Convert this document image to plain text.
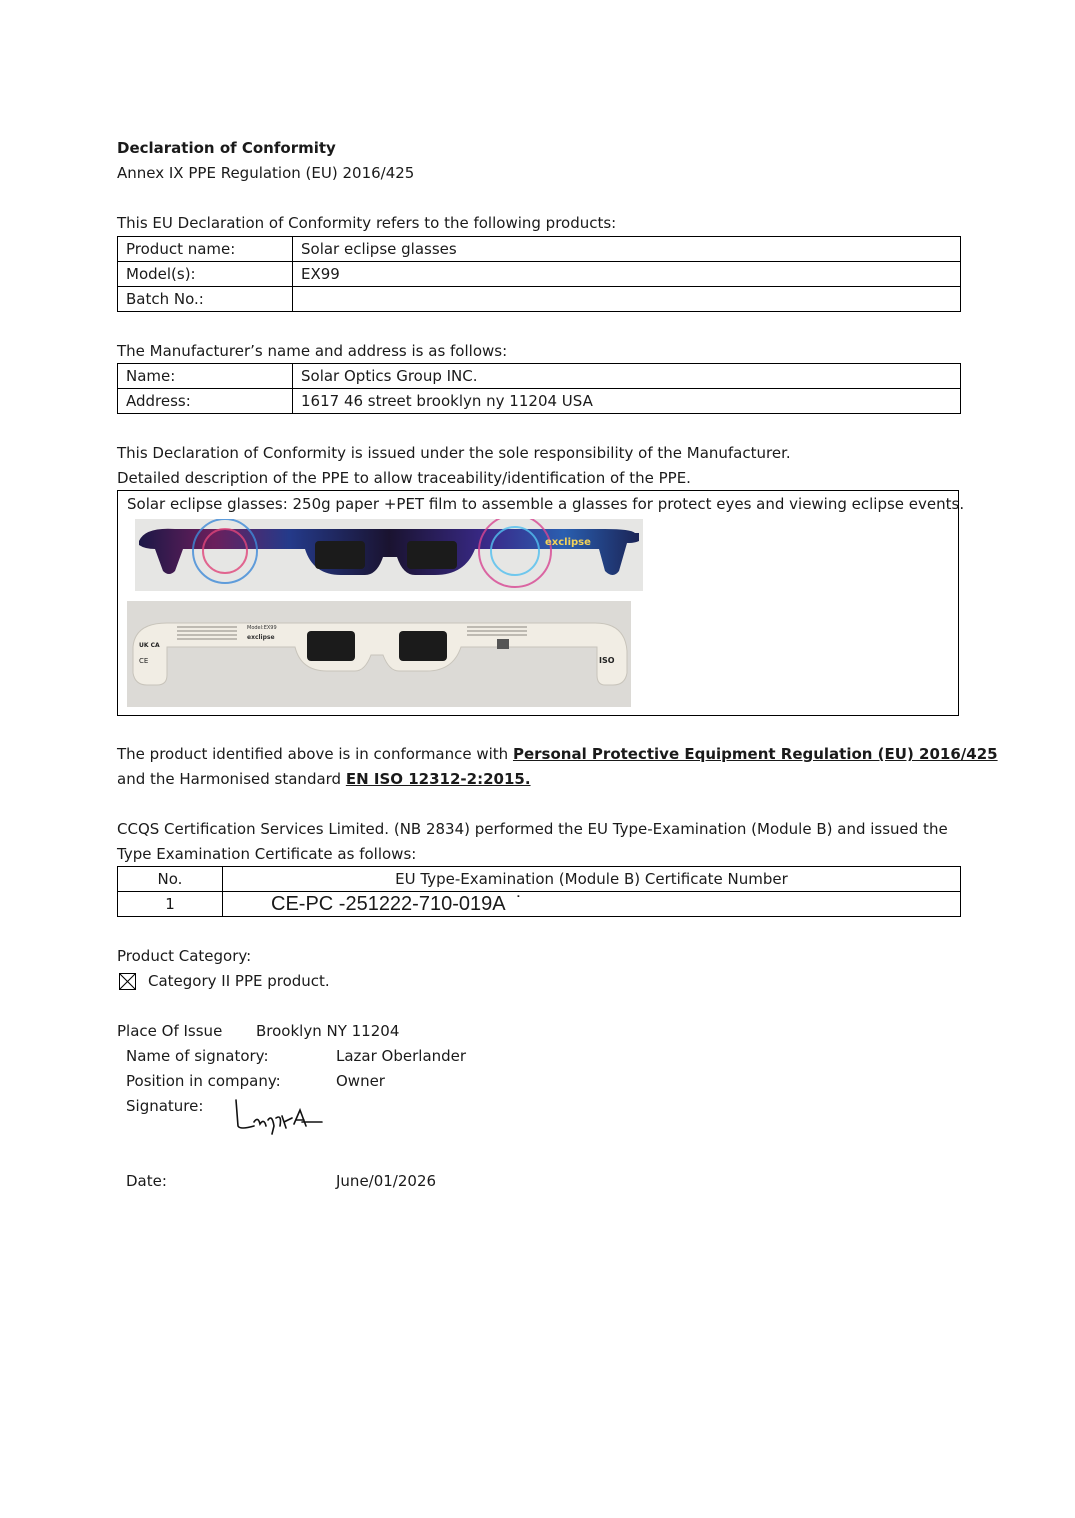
Declaration of Conformity
Annex IX PPE Regulation (EU) 2016/425
This EU Declaration of Conformity refers to the following products:
Product name:	Solar eclipse glasses
Model(s):	EX99
Batch No.:	
The Manufacturer’s name and address is as follows:
Name:	Solar Optics Group INC.
Address:	1617 46 street brooklyn ny 11204 USA
This Declaration of Conformity is issued under the sole responsibility of the Manufacturer.
Detailed description of the PPE to allow traceability/identification of the PPE.
Solar eclipse glasses: 250g paper +PET film to assemble a glasses for protect eyes and viewing eclipse events.
exclipse
Model:EX99
exclipse
UK CA
CE	ISO
The product identified above is in conformance with Personal Protective Equipment Regulation (EU) 2016/425
and the Harmonised standard EN ISO 12312-2:2015.
CCQS Certification Services Limited. (NB 2834) performed the EU Type-Examination (Module B) and issued the
Type Examination Certificate as follows:
No.	EU Type-Examination (Module B) Certificate Number
1	CE-PC -251222-710-019A ˙
Product Category:
Category II PPE product.
Place Of Issue Brooklyn NY 11204
Name of signatory:	Lazar Oberlander
Position in company:	Owner
Signature:
Date:	June/01/2026
